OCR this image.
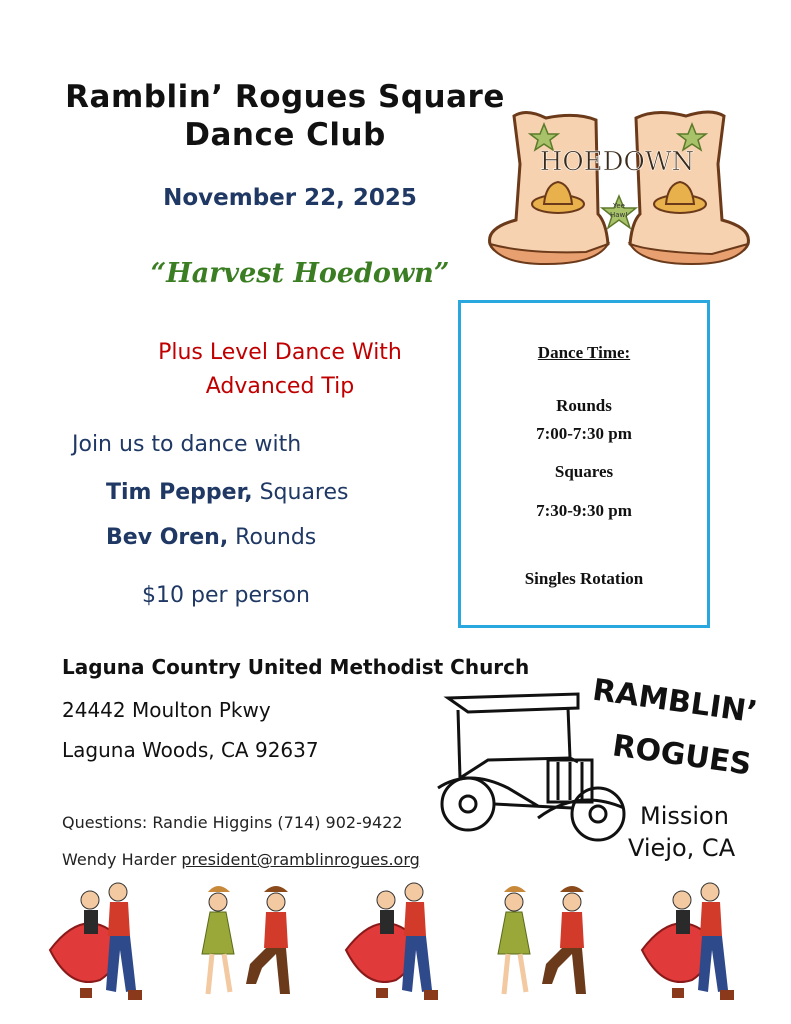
Ramblin’ Rogues Square
Dance Club
HOEDOWN
Yee
Haw!
November 22, 2025
“Harvest Hoedown”
Plus Level Dance With
Advanced Tip
Join us to dance with
Tim Pepper, Squares
Bev Oren, Rounds
$10 per person
Dance Time:
Rounds
7:00-7:30 pm
Squares
7:30-9:30 pm
Singles Rotation
Laguna Country United Methodist Church
24442 Moulton Pkwy
Laguna Woods, CA 92637
Questions: Randie Higgins (714) 902-9422
Wendy Harder president@ramblinrogues.org
RAMBLIN’
ROGUES
Mission
Viejo, CA
